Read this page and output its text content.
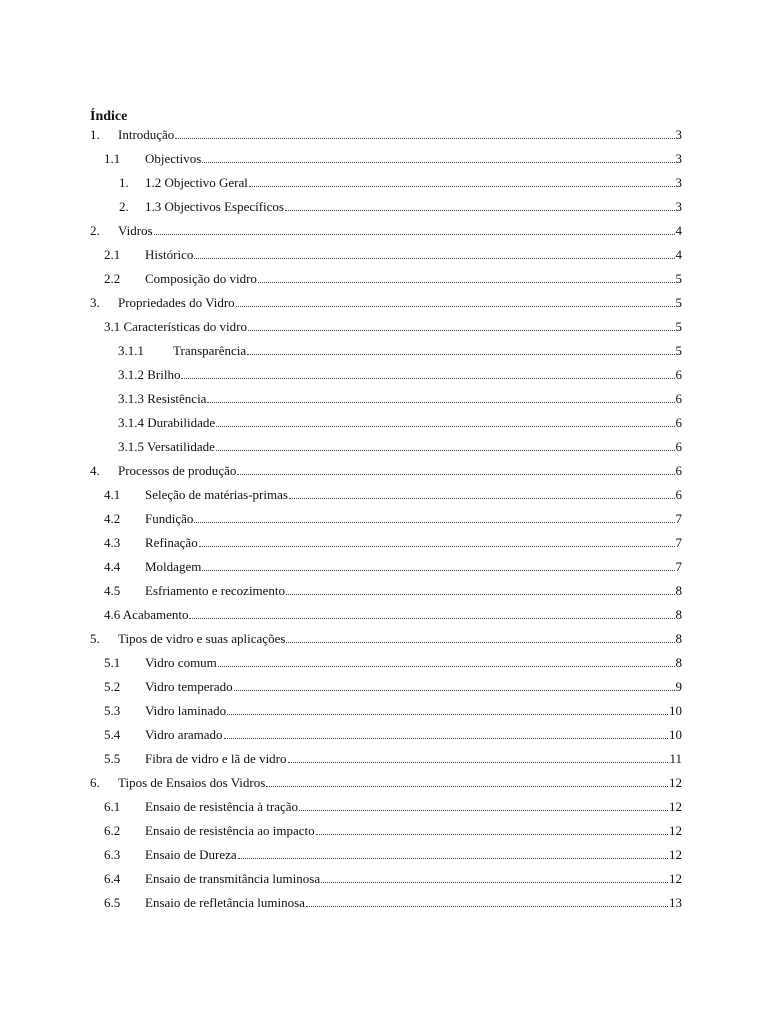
Índice
1. Introdução	3
1.1 Objectivos	3
1. 1.2 Objectivo Geral	3
2. 1.3 Objectivos Específicos	3
2. Vidros	4
2.1 Histórico	4
2.2 Composição do vidro	5
3. Propriedades do Vidro	5
3.1 Características do vidro	5
3.1.1 Transparência	5
3.1.2 Brilho	6
3.1.3 Resistência	6
3.1.4 Durabilidade	6
3.1.5 Versatilidade	6
4. Processos de produção	6
4.1 Seleção de matérias-primas	6
4.2 Fundição	7
4.3 Refinação	7
4.4 Moldagem	7
4.5 Esfriamento e recozimento	8
4.6 Acabamento	8
5. Tipos de vidro e suas aplicações	8
5.1 Vidro comum	8
5.2 Vidro temperado	9
5.3 Vidro laminado	10
5.4 Vidro aramado	10
5.5 Fibra de vidro e lã de vidro	11
6. Tipos de Ensaios dos Vidros	12
6.1 Ensaio de resistência à tração	12
6.2 Ensaio de resistência ao impacto	12
6.3 Ensaio de Dureza	12
6.4 Ensaio de transmitância luminosa	12
6.5 Ensaio de refletância luminosa	13
